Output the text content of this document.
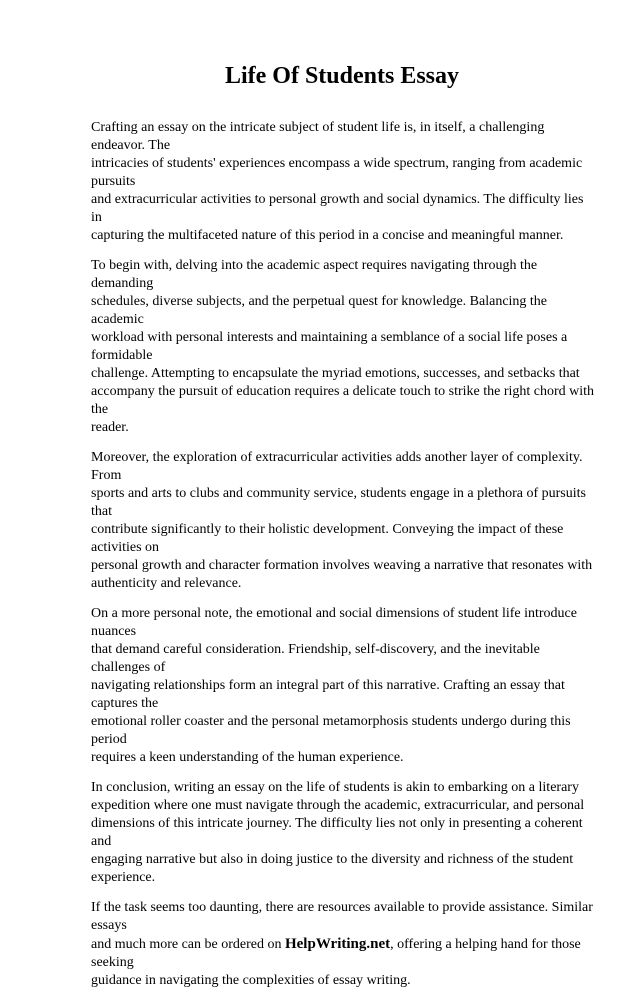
Life Of Students Essay

Crafting an essay on the intricate subject of student life is, in itself, a challenging endeavor. The
intricacies of students' experiences encompass a wide spectrum, ranging from academic pursuits
and extracurricular activities to personal growth and social dynamics. The difficulty lies in
capturing the multifaceted nature of this period in a concise and meaningful manner.

To begin with, delving into the academic aspect requires navigating through the demanding
schedules, diverse subjects, and the perpetual quest for knowledge. Balancing the academic
workload with personal interests and maintaining a semblance of a social life poses a formidable
challenge. Attempting to encapsulate the myriad emotions, successes, and setbacks that
accompany the pursuit of education requires a delicate touch to strike the right chord with the
reader.

Moreover, the exploration of extracurricular activities adds another layer of complexity. From
sports and arts to clubs and community service, students engage in a plethora of pursuits that
contribute significantly to their holistic development. Conveying the impact of these activities on
personal growth and character formation involves weaving a narrative that resonates with
authenticity and relevance.

On a more personal note, the emotional and social dimensions of student life introduce nuances
that demand careful consideration. Friendship, self-discovery, and the inevitable challenges of
navigating relationships form an integral part of this narrative. Crafting an essay that captures the
emotional roller coaster and the personal metamorphosis students undergo during this period
requires a keen understanding of the human experience.

In conclusion, writing an essay on the life of students is akin to embarking on a literary
expedition where one must navigate through the academic, extracurricular, and personal
dimensions of this intricate journey. The difficulty lies not only in presenting a coherent and
engaging narrative but also in doing justice to the diversity and richness of the student
experience.

If the task seems too daunting, there are resources available to provide assistance. Similar essays
and much more can be ordered on HelpWriting.net, offering a helping hand for those seeking
guidance in navigating the complexities of essay writing.
